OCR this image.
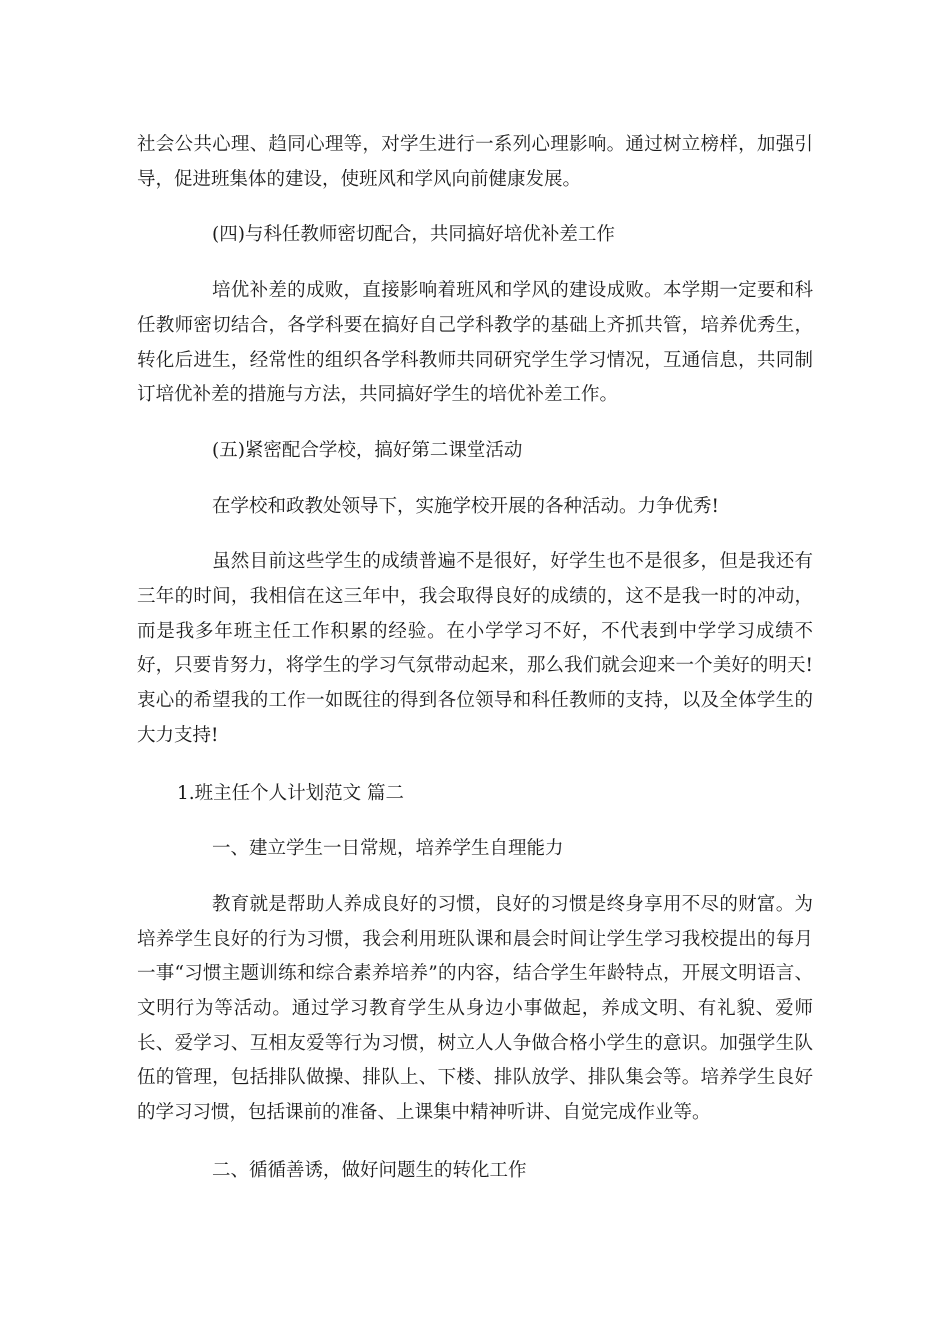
社会公共心理、趋同心理等，对学生进行一系列心理影响。通过树立榜样，加强引导，促进班集体的建设，使班风和学风向前健康发展。

(四)与科任教师密切配合，共同搞好培优补差工作

培优补差的成败，直接影响着班风和学风的建设成败。本学期一定要和科任教师密切结合，各学科要在搞好自己学科教学的基础上齐抓共管，培养优秀生，转化后进生，经常性的组织各学科教师共同研究学生学习情况，互通信息，共同制订培优补差的措施与方法，共同搞好学生的培优补差工作。

(五)紧密配合学校，搞好第二课堂活动

在学校和政教处领导下，实施学校开展的各种活动。力争优秀!

虽然目前这些学生的成绩普遍不是很好，好学生也不是很多，但是我还有三年的时间，我相信在这三年中，我会取得良好的成绩的，这不是我一时的冲动，而是我多年班主任工作积累的经验。在小学学习不好，不代表到中学学习成绩不好，只要肯努力，将学生的学习气氛带动起来，那么我们就会迎来一个美好的明天!衷心的希望我的工作一如既往的得到各位领导和科任教师的支持，以及全体学生的大力支持!

1.班主任个人计划范文 篇二

一、建立学生一日常规，培养学生自理能力

教育就是帮助人养成良好的习惯，良好的习惯是终身享用不尽的财富。为培养学生良好的行为习惯，我会利用班队课和晨会时间让学生学习我校提出的每月一事“习惯主题训练和综合素养培养”的内容，结合学生年龄特点，开展文明语言、文明行为等活动。通过学习教育学生从身边小事做起，养成文明、有礼貌、爱师长、爱学习、互相友爱等行为习惯，树立人人争做合格小学生的意识。加强学生队伍的管理，包括排队做操、排队上、下楼、排队放学、排队集会等。培养学生良好的学习习惯，包括课前的准备、上课集中精神听讲、自觉完成作业等。

二、循循善诱，做好问题生的转化工作
